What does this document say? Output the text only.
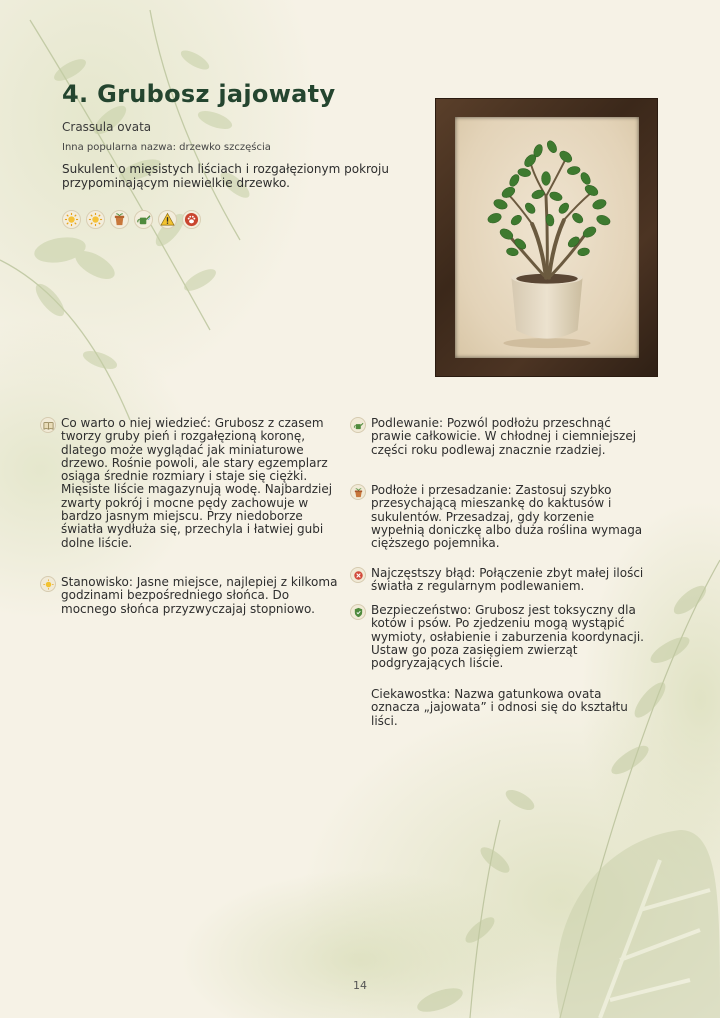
4. Grubosz jajowaty
Crassula ovata
Inna popularna nazwa: drzewko szczęścia
Sukulent o mięsistych liściach i rozgałęzionym pokroju przypominającym niewielkie drzewko.

Co warto o niej wiedzieć: Grubosz z czasem tworzy gruby pień i rozgałęzioną koronę, dlatego może wyglądać jak miniaturowe drzewo. Rośnie powoli, ale stary egzemplarz osiąga średnie rozmiary i staje się ciężki. Mięsiste liście magazynują wodę. Najbardziej zwarty pokrój i mocne pędy zachowuje w bardzo jasnym miejscu. Przy niedoborze światła wydłuża się, przechyla i łatwiej gubi dolne liście.

Stanowisko: Jasne miejsce, najlepiej z kilkoma godzinami bezpośredniego słońca. Do mocnego słońca przyzwyczajaj stopniowo.

Podlewanie: Pozwól podłożu przeschnąć prawie całkowicie. W chłodnej i ciemniejszej części roku podlewaj znacznie rzadziej.

Podłoże i przesadzanie: Zastosuj szybko przesychającą mieszankę do kaktusów i sukulentów. Przesadzaj, gdy korzenie wypełnią doniczkę albo duża roślina wymaga cięższego pojemnika.

Najczęstszy błąd: Połączenie zbyt małej ilości światła z regularnym podlewaniem.

Bezpieczeństwo: Grubosz jest toksyczny dla kotów i psów. Po zjedzeniu mogą wystąpić wymioty, osłabienie i zaburzenia koordynacji. Ustaw go poza zasięgiem zwierząt podgryzających liście.

Ciekawostka: Nazwa gatunkowa ovata oznacza „jajowata” i odnosi się do kształtu liści.

14
